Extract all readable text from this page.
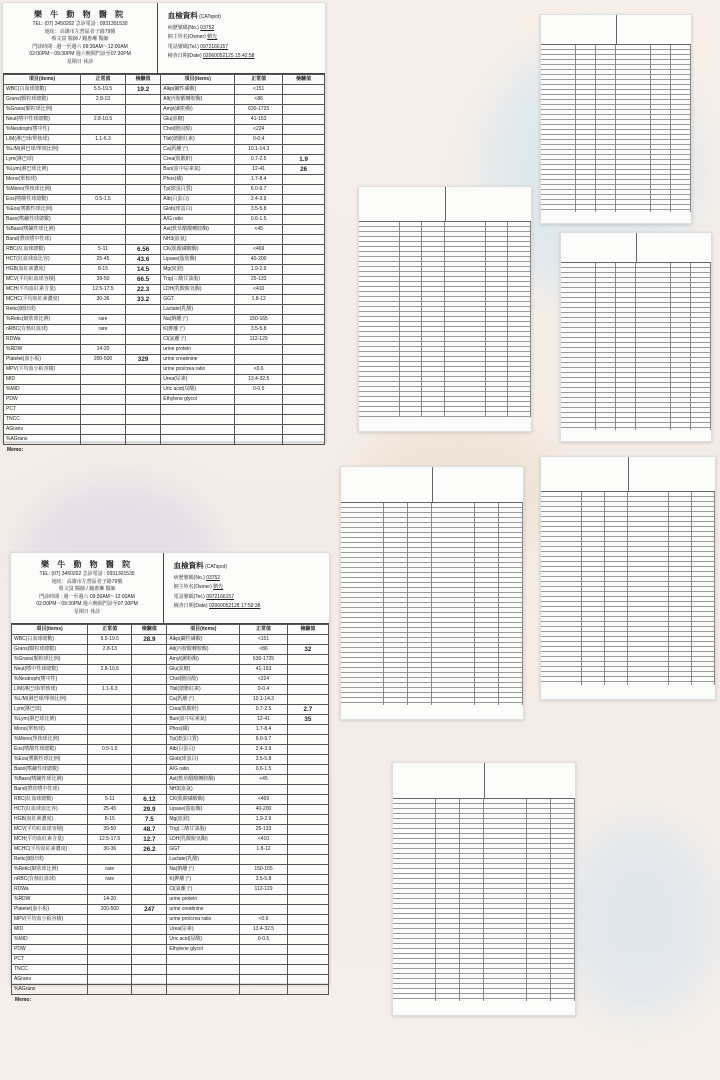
樂 牛 動 物 醫 院
TEL: (07) 3450202 急診電話 : 0931301530
地址：高雄市左營區者子路79號
蔡文富 醫師 / 鐘惠琳 醫師
門診時間 : 週一至週六 09:30AM～12:00AM
02:00PM～09:30PM 週六晚間門診至07:30PM
星期日 休診
血檢資料 (CATspot)
病歷號碼(No.) 03752
飼主姓名(Owner) 劉先
電話號碼(Tel.) 0972166157
檢查日期(Date) 02060052125 15:42:58
項目(items)	正常值	檢驗值	項目(items)	正常值	檢驗值
WBC(白血球總數)	5.5-19.5	19.2	Alkp(鹼性磷酸)	<151	
Grans(顆粒球總數)	2.8-13		Alt(丙胺酸轉胺酶)	<86	
%Grans(顆粒球比例)			Amyl(澱粉酶)	630-1725	
Neut(嗜中性球總數)	2.8-10.5		Glu(血糖)	41-153	
%Neutroph(嗜中性)			Chol(膽固醇)	<224	
L/M(淋巴球/單核球)	1.1-6.3		Tbil(總膽紅素)	0-0.4	
%L/M(淋巴球/單核比例)			Ca(鈣離子)	10.1-14.3	
Lym(淋巴球)			Crea(肌酸酐)	0.7-2.5	1.9
%Lym(淋巴球比例)			Bun(血中尿素氮)	12-41	26
Mono(單核球)			Phos(磷)	1.7-8.4	
%Mono(單核球比例)			Tp(總蛋白質)	6.0-9.7	
Eos(嗜酸性球總數)	0.5-1.5		Alb(白蛋白)	2.4-3.9	
%Eos(嗜酸性球比例)			Glob(球蛋白)	3.5-5.8	
Baso(嗜鹼性球總數)			A/G ratio	0.6-1.5	
%Baso(嗜鹼性球比例)			Ast(麩草醋酸轉胺酶)	<45	
Band(帶狀嗜中性球)			NH3(血氨)		
RBC(紅血球總數)	5-11	6.56	CK(肌酸磷酸酶)	<469	
HCT(紅血球血比容)	25-45	43.6	Lipase(脂肪酶)	40-200	
HGB(血紅素濃度)	8-15	14.5	Mg(血鎂)	1.9-2.9	
MCV(平均紅血球容積)	39-50	66.5	Trig(三酸甘油脂)	25-133	
MCH(平均血紅素含量)	12.5-17.5	22.3	LDH(乳酸脫氫酶)	<410	
MCHC(平均血紅素濃度)	30-36	33.2	GGT	1.8-12	
Retic(網狀球)			Lactate(乳酸)		
%Retic(網狀球比例)	rare		Na(鈉離子)	150-165	
nRBC(有核紅血球)	rare		K(鉀離子)	3.5-5.8	
RDWa			Cl(氯離子)	112-129	
%RDW	14-20		urine protein		
Platelet(血小板)	200-500	329	urine creatinine		
MPV(平均血小板容積)			urine pro/crea ratio	<0.6	
MID			Urea(尿素)	13.4-32.5	
%MID			Uric acid(尿酸)	0-0.5	
PDW			Ethylene glycol		
PCT					
TNCC					
AGrans					
%AGrans					
Memo:
樂 牛 動 物 醫 院
TEL: (07) 3450202 急診電話 : 0931301530
地址：高雄市左營區者子路79號
蔡文富 醫師 / 鐘惠琳 醫師
門診時間 : 週一至週六 09:30AM～12:00AM
02:00PM～09:30PM 週六晚間門診至07:30PM
星期日 休診
血檢資料 (CATspot)
病歷號碼(No.) 03752
飼主姓名(Owner) 劉先
電話號碼(Tel.) 0972166157
檢查日期(Date) 02060052128 17:59:38
項目(items)	正常值	檢驗值	項目(items)	正常值	檢驗值
WBC(白血球總數)	5.5-19.5	28.9	Alkp(鹼性磷酸)	<151	
Grans(顆粒球總數)	2.8-13		Alt(丙胺酸轉胺酶)	<86	32
%Grans(顆粒球比例)			Amyl(澱粉酶)	630-1725	
Neut(嗜中性球總數)	2.8-10.5		Glu(血糖)	41-153	
%Neutroph(嗜中性)			Chol(膽固醇)	<224	
L/M(淋巴球/單核球)	1.1-6.3		Tbil(總膽紅素)	0-0.4	
%L/M(淋巴球/單核比例)			Ca(鈣離子)	10.1-14.3	
Lym(淋巴球)			Crea(肌酸酐)	0.7-2.5	2.7
%Lym(淋巴球比例)			Bun(血中尿素氮)	12-41	35
Mono(單核球)			Phos(磷)	1.7-8.4	
%Mono(單核球比例)			Tp(總蛋白質)	6.0-9.7	
Eos(嗜酸性球總數)	0.5-1.5		Alb(白蛋白)	2.4-3.9	
%Eos(嗜酸性球比例)			Glob(球蛋白)	3.5-5.8	
Baso(嗜鹼性球總數)			A/G ratio	0.6-1.5	
%Baso(嗜鹼性球比例)			Ast(麩草醋酸轉胺酶)	<45	
Band(帶狀嗜中性球)			NH3(血氨)		
RBC(紅血球總數)	5-11	6.12	CK(肌酸磷酸酶)	<469	
HCT(紅血球血比容)	25-45	29.9	Lipase(脂肪酶)	40-200	
HGB(血紅素濃度)	8-15	7.5	Mg(血鎂)	1.9-2.9	
MCV(平均紅血球容積)	39-50	48.7	Trig(三酸甘油脂)	25-133	
MCH(平均血紅素含量)	12.5-17.5	12.7	LDH(乳酸脫氫酶)	<410	
MCHC(平均血紅素濃度)	30-36	26.2	GGT	1.8-12	
Retic(網狀球)			Lactate(乳酸)		
%Retic(網狀球比例)	rare		Na(鈉離子)	150-165	
nRBC(有核紅血球)	rare		K(鉀離子)	3.5-5.8	
RDWa			Cl(氯離子)	112-129	
%RDW	14-20		urine protein		
Platelet(血小板)	200-500	247	urine creatinine		
MPV(平均血小板容積)			urine pro/crea ratio	<0.6	
MID			Urea(尿素)	13.4-32.5	
%MID			Uric acid(尿酸)	0-0.5	
PDW			Ethylene glycol		
PCT					
TNCC					
AGrans					
%AGrans					
Memo:
